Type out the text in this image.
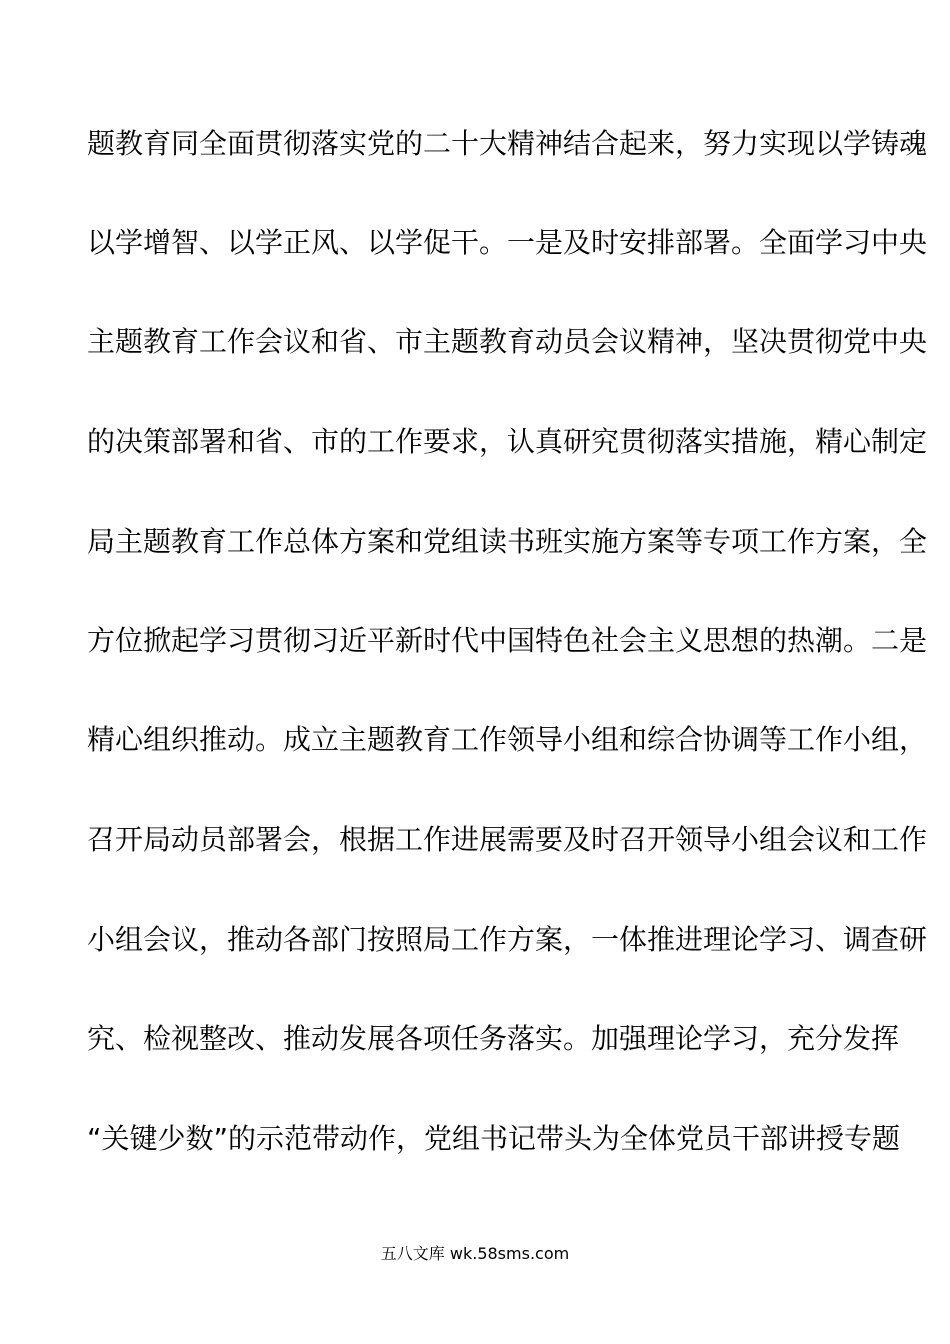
题教育同全面贯彻落实党的二十大精神结合起来，努力实现以学铸魂
以学增智、以学正风、以学促干。一是及时安排部署。全面学习中央
主题教育工作会议和省、市主题教育动员会议精神，坚决贯彻党中央
的决策部署和省、市的工作要求，认真研究贯彻落实措施，精心制定
局主题教育工作总体方案和党组读书班实施方案等专项工作方案，全
方位掀起学习贯彻习近平新时代中国特色社会主义思想的热潮。二是
精心组织推动。成立主题教育工作领导小组和综合协调等工作小组，
召开局动员部署会，根据工作进展需要及时召开领导小组会议和工作
小组会议，推动各部门按照局工作方案，一体推进理论学习、调查研
究、检视整改、推动发展各项任务落实。加强理论学习，充分发挥
“关键少数”的示范带动作，党组书记带头为全体党员干部讲授专题
五八文库 wk.58sms.com
